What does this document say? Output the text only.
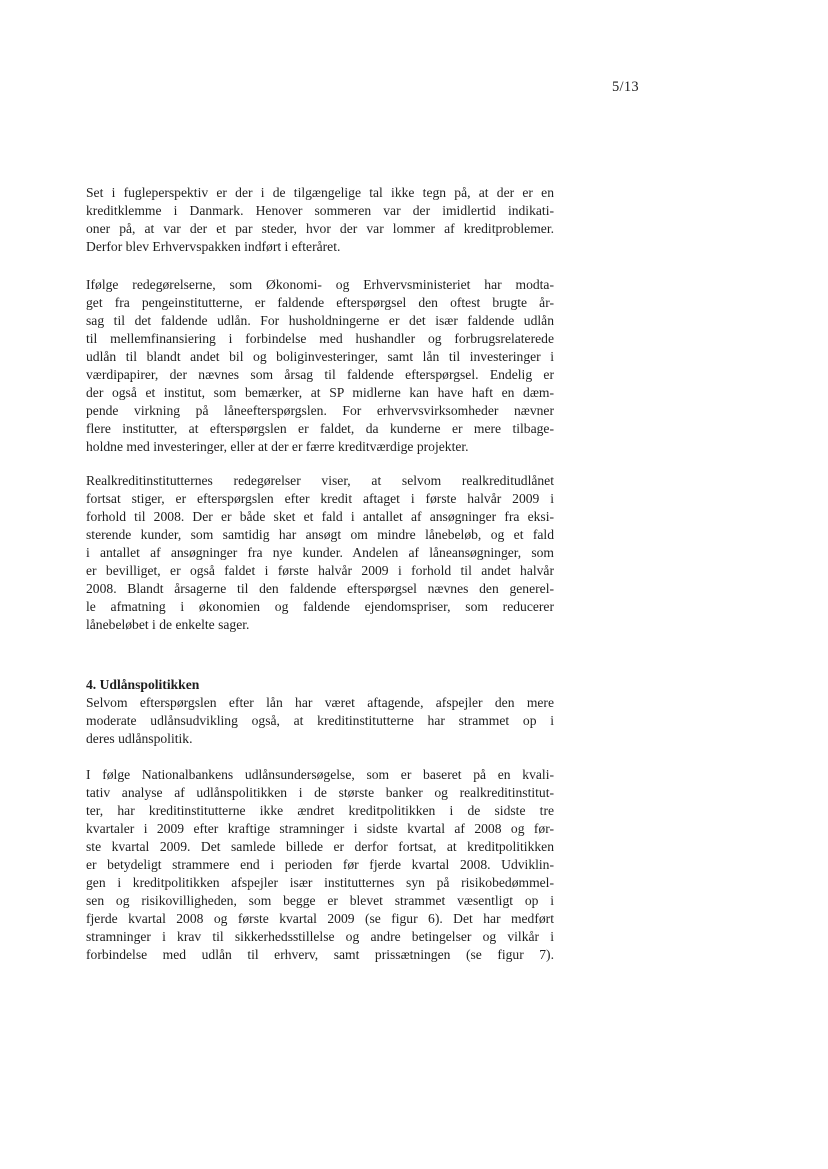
5/13

Set i fugleperspektiv er der i de tilgængelige tal ikke tegn på, at der er en
kreditklemme i Danmark. Henover sommeren var der imidlertid indikati-
oner på, at var der et par steder, hvor der var lommer af kreditproblemer.
Derfor blev Erhvervspakken indført i efteråret.

Ifølge redegørelserne, som Økonomi- og Erhvervsministeriet har modta-
get fra pengeinstitutterne, er faldende efterspørgsel den oftest brugte år-
sag til det faldende udlån. For husholdningerne er det især faldende udlån
til mellemfinansiering i forbindelse med hushandler og forbrugsrelaterede
udlån til blandt andet bil og boliginvesteringer, samt lån til investeringer i
værdipapirer, der nævnes som årsag til faldende efterspørgsel. Endelig er
der også et institut, som bemærker, at SP midlerne kan have haft en dæm-
pende virkning på låneefterspørgslen. For erhvervsvirksomheder nævner
flere institutter, at efterspørgslen er faldet, da kunderne er mere tilbage-
holdne med investeringer, eller at der er færre kreditværdige projekter.

Realkreditinstitutternes redegørelser viser, at selvom realkreditudlånet
fortsat stiger, er efterspørgslen efter kredit aftaget i første halvår 2009 i
forhold til 2008. Der er både sket et fald i antallet af ansøgninger fra eksi-
sterende kunder, som samtidig har ansøgt om mindre lånebeløb, og et fald
i antallet af ansøgninger fra nye kunder. Andelen af låneansøgninger, som
er bevilliget, er også faldet i første halvår 2009 i forhold til andet halvår
2008. Blandt årsagerne til den faldende efterspørgsel nævnes den generel-
le afmatning i økonomien og faldende ejendomspriser, som reducerer
lånebeløbet i de enkelte sager.

4. Udlånspolitikken

Selvom efterspørgslen efter lån har været aftagende, afspejler den mere
moderate udlånsudvikling også, at kreditinstitutterne har strammet op i
deres udlånspolitik.

I følge Nationalbankens udlånsundersøgelse, som er baseret på en kvali-
tativ analyse af udlånspolitikken i de største banker og realkreditinstitut-
ter, har kreditinstitutterne ikke ændret kreditpolitikken i de sidste tre
kvartaler i 2009 efter kraftige stramninger i sidste kvartal af 2008 og før-
ste kvartal 2009. Det samlede billede er derfor fortsat, at kreditpolitikken
er betydeligt strammere end i perioden før fjerde kvartal 2008. Udviklin-
gen i kreditpolitikken afspejler især institutternes syn på risikobedømmel-
sen og risikovilligheden, som begge er blevet strammet væsentligt op i
fjerde kvartal 2008 og første kvartal 2009 (se figur 6). Det har medført
stramninger i krav til sikkerhedsstillelse og andre betingelser og vilkår i
forbindelse med udlån til erhverv, samt prissætningen (se figur 7).
